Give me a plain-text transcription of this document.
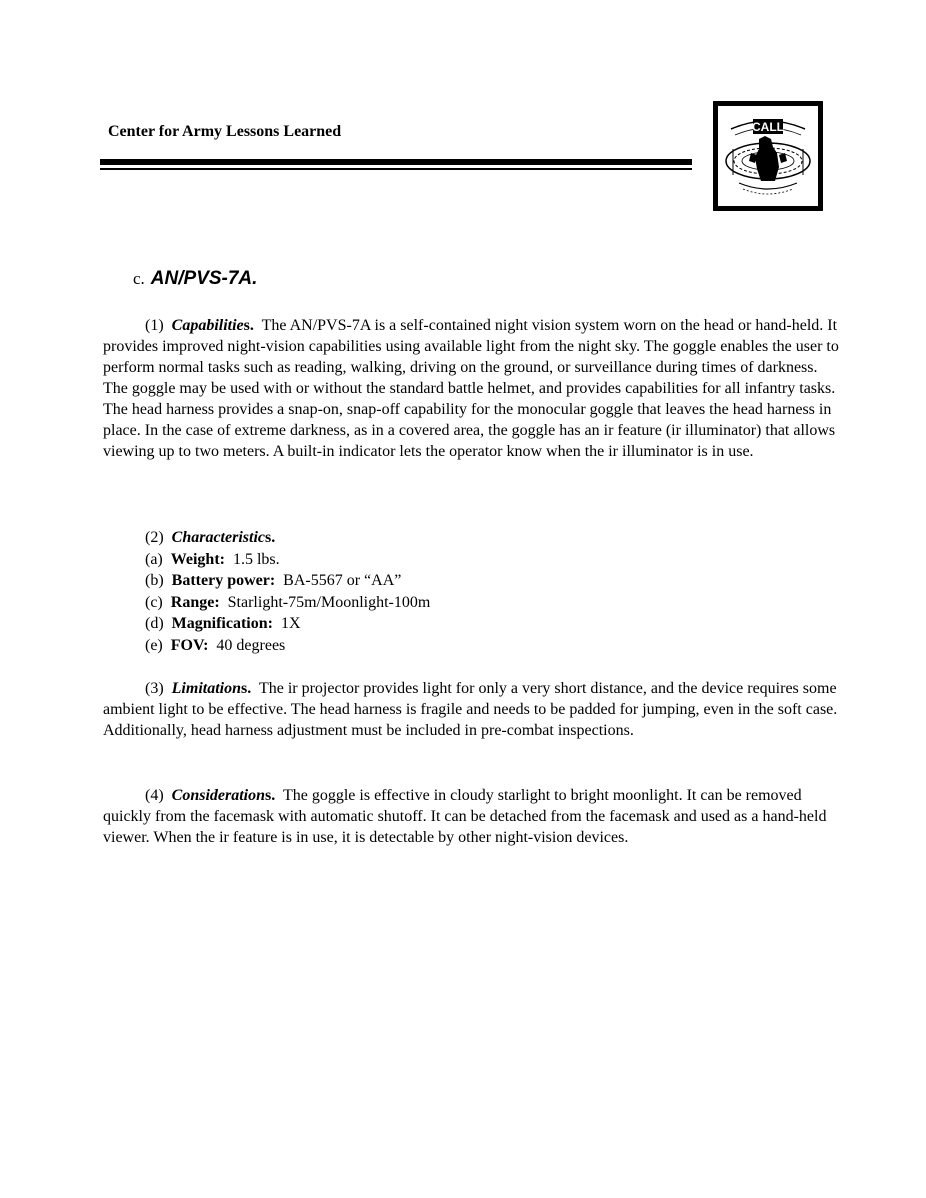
Center for Army Lessons Learned	CALL
c. AN/PVS-7A.

(1) Capabilities. The AN/PVS-7A is a self-contained night vision system worn on the head or hand-held. It provides improved night-vision capabilities using available light from the night sky. The goggle enables the user to perform normal tasks such as reading, walking, driving on the ground, or surveillance during times of darkness. The goggle may be used with or without the standard battle helmet, and provides capabilities for all infantry tasks. The head harness provides a snap-on, snap-off capability for the monocular goggle that leaves the head harness in place. In the case of extreme darkness, as in a covered area, the goggle has an ir feature (ir illuminator) that allows viewing up to two meters. A built-in indicator lets the operator know when the ir illuminator is in use.

(2) Characteristics.
(a) Weight: 1.5 lbs.
(b) Battery power: BA-5567 or “AA”
(c) Range: Starlight-75m/Moonlight-100m
(d) Magnification: 1X
(e) FOV: 40 degrees

(3) Limitations. The ir projector provides light for only a very short distance, and the device requires some ambient light to be effective. The head harness is fragile and needs to be padded for jumping, even in the soft case. Additionally, head harness adjustment must be included in pre-combat inspections.

(4) Considerations. The goggle is effective in cloudy starlight to bright moonlight. It can be removed quickly from the facemask with automatic shutoff. It can be detached from the facemask and used as a hand-held viewer. When the ir feature is in use, it is detectable by other night-vision devices.
